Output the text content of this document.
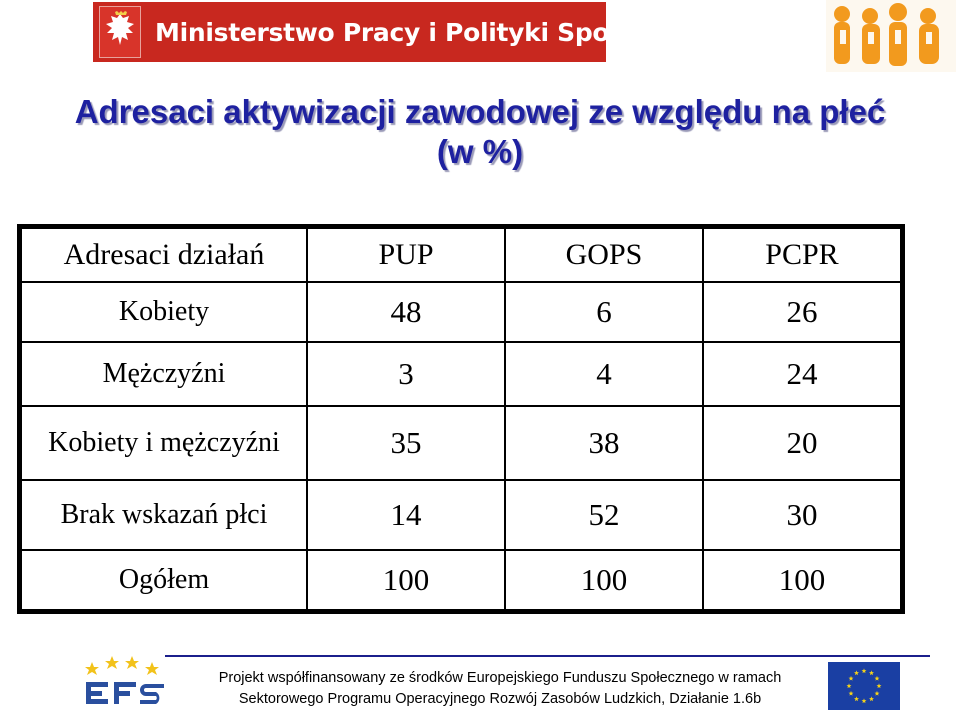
Ministerstwo Pracy i Polityki Społecznej
Adresaci aktywizacji zawodowej ze względu na płeć
(w %)
Adresaci działań	PUP	GOPS	PCPR
Kobiety	48	6	26
Mężczyźni	3	4	24
Kobiety i mężczyźni	35	38	20
Brak wskazań płci	14	52	30
Ogółem	100	100	100
Projekt współfinansowany ze środków Europejskiego Funduszu Społecznego w ramach
Sektorowego Programu Operacyjnego Rozwój Zasobów Ludzkich, Działanie 1.6b
